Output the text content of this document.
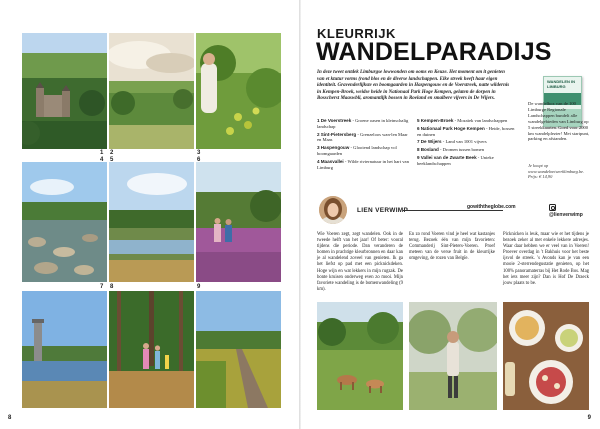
1 2
4 5
3
6
7 8	9
8
KLEURRIJK
WANDELPARADIJS
In deze tweet ontdek Limburgse lowwonden om ooms en Keuze. Het moment om it genieten van et ktutur vorms (rond blos en de diverse landschappen. Elke streek heeft haar eigen identiteit. Gravenderlijkste en boomgaarden in Haspengouw en de Voerstreek, natte wildernis in Kempen-Broek, weidse heide in Nationaal Park Hoge Kempen, gelaten de dorpen in Bosscherst Maaswbli, aromantiljk bossen in Roeland en smalbere vijvers in De Wijers.
1 De Voerstreek - Groene oasen in kleinschalig landschap
2 Sint-Pietersberg - Grenzeloos wan-len Maar en Maas
3 Haspengouw - Glooiend landschap vol boomgaarden
4 Maasvallei - Wilde riviernatuur in het hart van Limburg
5 Kempen-Broek - Mozaïek van landschappen
6 Nationaal Park Hoge Kempen - Heide, bossen en duinen
7 De Wijers - Land van 1001 vijvers
8 Bosland - Dromen tussen bomen
9 Vallei van de Zwarte Beek - Unieke beeklandschappen
WANDELEN IN LIMBURG
De wandelbox van de 100 Limburge Regionale Landschappen bundelt alle wandelgebieden van Limburg op 5 streekkaarten. Goed voor 2000 km wandelplezier! Met startpunt, parking en afstanden.
Je koopt op www.wandelnetwerklimburg.be. Prijs: € 14,90
LIEN VERWIMP	gowiththeglobe.com
@lienverwimp
Wie Voeren zegt, zegt wandelen. Ook in de tweede helft van het jaar! Of beter: vooral tijdens die periode. Dan veranderen de bomen in prachtige kleurbronnen en daar kan je al wandelend zoveel van genieten. Ik ga het liefst op pad met een picknickdeken. Hoge wijn en wat lekkers in mijn rugzak. De bonte kruisen onderweg even zo mooi. Mijn favoriete wandeling is de bomenwandeling (9 km).
En zo rond Voeren vind je heel wat kastanjes terug. Bezoek één van mijn favorieten: Commanderij Sint-Pieters-Voeren. Proef meteen van de verse fruit in de kleurrijke omgeving, de rozen van Belgïe.
Picknicken is leuk, maar wie er het tijdens je bezoek zeker al met enkele lekkere adresjes. Waar daar hebben we er veel van in Voeren! Proever overdag in 't Bakhuis voor het beste ijsvol de streek. 's Avonds kan je van een mooie 2-sterrendegustatie genieten, op het 100% panoramaterras bij Het Rode Bos. Mag het iets meer zijn? Dan is Hof De Draeck jouw plaats to be.
9
